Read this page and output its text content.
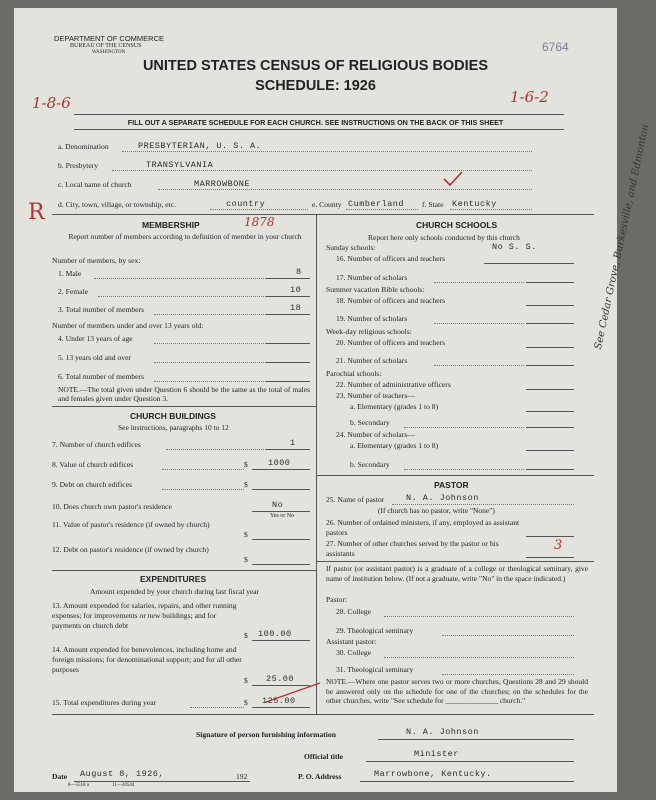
DEPARTMENT OF COMMERCE
BUREAU OF THE CENSUS
WASHINGTON	6764
UNITED STATES CENSUS OF RELIGIOUS BODIES
SCHEDULE: 1926
1-8-6	1-6-2
FILL OUT A SEPARATE SCHEDULE FOR EACH CHURCH. SEE INSTRUCTIONS ON THE BACK OF THIS SHEET
a. Denomination	PRESBYTERIAN, U. S. A.
b. Presbytery	TRANSYLVANIA
c. Local name of church	MARROWBONE
d. City, town, village, or township, etc.	country	e. County Cumberland f. State Kentucky
R	MEMBERSHIP	1878
Report number of members according to definition of member in your church
Number of members, by sex:
1. Male	8
2. Female	10
3. Total number of members	18
Number of members under and over 13 years old:
4. Under 13 years of age
5. 13 years old and over
6. Total number of members
NOTE.—The total given under Question 6 should be the same as the total of males and females given under Question 3.
CHURCH BUILDINGS
See instructions, paragraphs 10 to 12
7. Number of church edifices	1
8. Value of church edifices	$ 1000
9. Debt on church edifices	$
10. Does church own pastor's residence	No
Yes or No
11. Value of pastor's residence (if owned by church)
$
12. Debt on pastor's residence (if owned by church)
$
EXPENDITURES
Amount expended by your church during last fiscal year
13. Amount expended for salaries, repairs, and other running expenses; for improvements or new buildings; and for payments on church debt
$ 100.00
14. Amount expended for benevolences, including home and foreign missions; for denominational support; and for all other purposes
$ 25.00
15. Total expenditures during year	$ 125.00
CHURCH SCHOOLS
Report here only schools conducted by this church
Sunday schools:
16. Number of officers and teachers
No S. S.
17. Number of scholars
Summer vacation Bible schools:
18. Number of officers and teachers
19. Number of scholars
Week-day religious schools:
20. Number of officers and teachers
21. Number of scholars
Parochial schools:
22. Number of administrative officers
23. Number of teachers—
a. Elementary (grades 1 to 8)
b. Secondary
24. Number of scholars—
a. Elementary (grades 1 to 8)
b. Secondary
PASTOR
25. Name of pastor	N. A. Johnson
(If church has no pastor, write "None")
26. Number of ordained ministers, if any, employed as assistant pastors
27. Number of other churches served by the pastor or his assistants
3
If pastor (or assistant pastor) is a graduate of a college or theological seminary, give name of institution below. (If not a graduate, write "No" in the space indicated.)
Pastor:
28. College
29. Theological seminary
Assistant pastor:
30. College
31. Theological seminary
NOTE.—Where one pastor serves two or more churches, Questions 28 and 29 should be answered only on the schedule for one of the churches; on the schedules for the other churches, write "See schedule for ______________ church."
See Cedar Grove, Burkesville, and Edmonton
Signature of person furnishing information	N. A. Johnson
Official title	Minister
Date August 8, 1926,	192	P. O. Address	Marrowbone, Kentucky.
8—5518 a	11—20544
